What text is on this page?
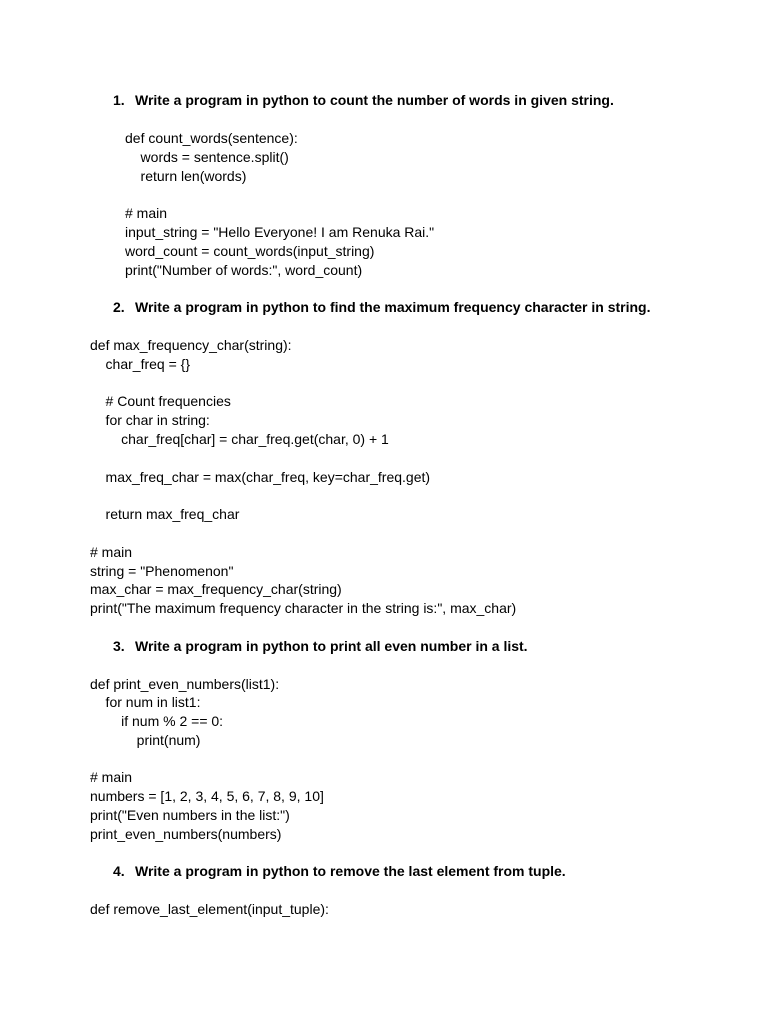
1. Write a program in python to count the number of words in given string.
def count_words(sentence):
words = sentence.split()
return len(words)
# main
input_string = "Hello Everyone! I am Renuka Rai."
word_count = count_words(input_string)
print("Number of words:", word_count)
2. Write a program in python to find the maximum frequency character in string.
def max_frequency_char(string):
char_freq = {}
# Count frequencies
for char in string:
char_freq[char] = char_freq.get(char, 0) + 1
max_freq_char = max(char_freq, key=char_freq.get)
return max_freq_char
# main
string = "Phenomenon"
max_char = max_frequency_char(string)
print("The maximum frequency character in the string is:", max_char)
3. Write a program in python to print all even number in a list.
def print_even_numbers(list1):
for num in list1:
if num % 2 == 0:
print(num)
# main
numbers = [1, 2, 3, 4, 5, 6, 7, 8, 9, 10]
print("Even numbers in the list:")
print_even_numbers(numbers)
4. Write a program in python to remove the last element from tuple.
def remove_last_element(input_tuple):
